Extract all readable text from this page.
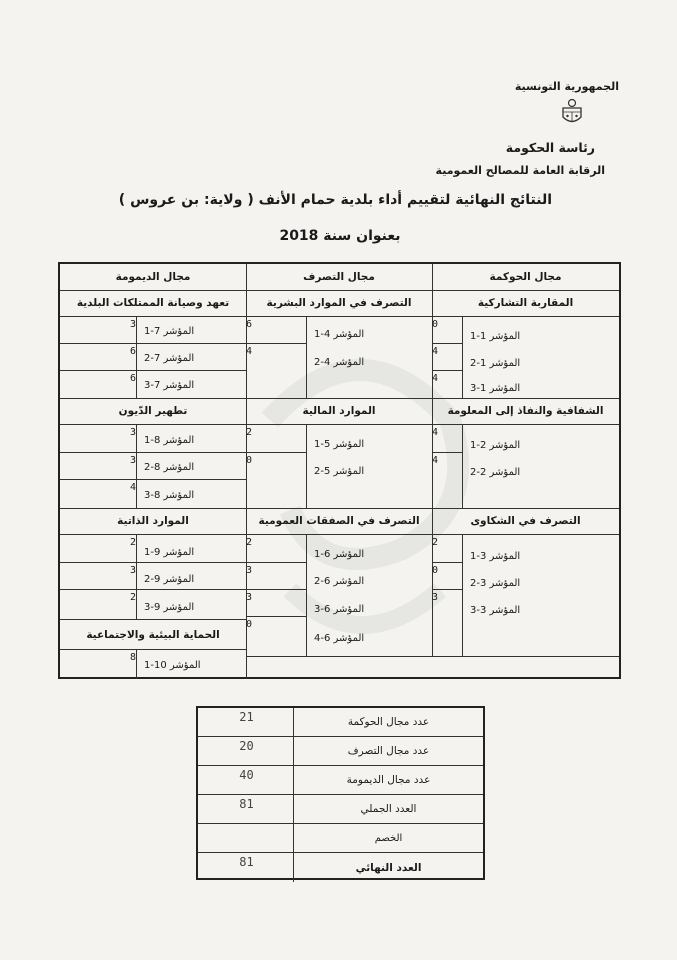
الجمهورية التونسية
رئاسة الحكومة
الرقابة العامة للمصالح العمومية
النتائج النهائية لتقييم أداء بلدية حمام الأنف ( ولاية: بن عروس )
بعنوان سنة 2018
مجال الحوكمة
مجال التصرف
مجال الديمومة
المقاربة التشاركية
التصرف في الموارد البشرية
تعهد وصيانة الممتلكات البلدية
المؤشر 1-1
0
المؤشر 1-2
4
المؤشر 1-3
4
المؤشر 4-1
6
المؤشر 4-2
4
المؤشر 7-1
3
المؤشر 7-2
6
المؤشر 7-3
6
الشفافية والنفاذ إلى المعلومة
الموارد المالية
تطهير الدّيون
المؤشر 2-1
4
المؤشر 2-2
4
المؤشر 5-1
2
المؤشر 5-2
0
المؤشر 8-1
3
المؤشر 8-2
3
المؤشر 8-3
4
التصرف في الشكاوى
التصرف في الصفقات العمومية
الموارد الذاتية
المؤشر 3-1
2
المؤشر 3-2
0
المؤشر 3-3
3
المؤشر 6-1
2
المؤشر 6-2
3
المؤشر 6-3
3
المؤشر 6-4
0
المؤشر 9-1
2
المؤشر 9-2
3
المؤشر 9-3
2
الحماية البيئية والاجتماعية
المؤشر 10-1
8
عدد مجال الحوكمة
21
عدد مجال التصرف
20
عدد مجال الديمومة
40
العدد الجملي
81
الخصم
العدد النهائي
81
